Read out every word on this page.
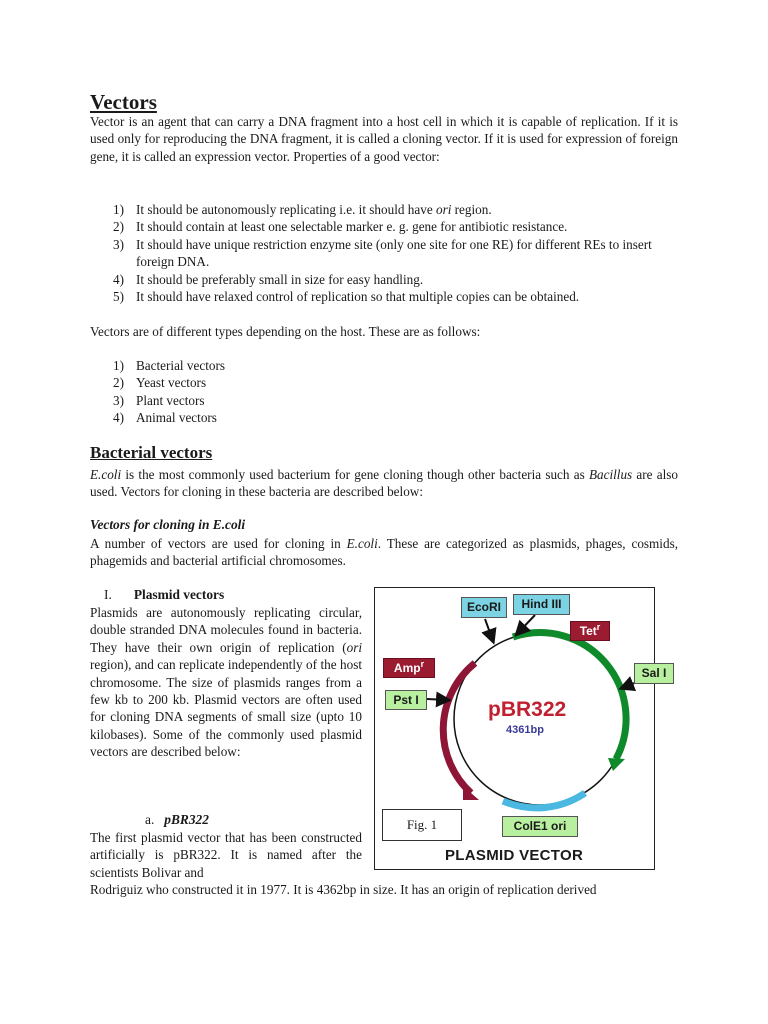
Vectors

Vector is an agent that can carry a DNA fragment into a host cell in which it is capable of replication. If it is used only for reproducing the DNA fragment, it is called a cloning vector. If it is used for expression of foreign gene, it is called an expression vector. Properties of a good vector:

1) It should be autonomously replicating i.e. it should have ori region.
2) It should contain at least one selectable marker e. g. gene for antibiotic resistance.
3) It should have unique restriction enzyme site (only one site for one RE) for different REs to insert foreign DNA.
4) It should be preferably small in size for easy handling.
5) It should have relaxed control of replication so that multiple copies can be obtained.

Vectors are of different types depending on the host. These are as follows:

1) Bacterial vectors
2) Yeast vectors
3) Plant vectors
4) Animal vectors
Bacterial vectors

E.coli is the most commonly used bacterium for gene cloning though other bacteria such as Bacillus are also used. Vectors for cloning in these bacteria are described below:

Vectors for cloning in E.coli

A number of vectors are used for cloning in E.coli. These are categorized as plasmids, phages, cosmids, phagemids and bacterial artificial chromosomes.

I. Plasmid vectors

Plasmids are autonomously replicating circular, double stranded DNA molecules found in bacteria. They have their own origin of replication (ori region), and can replicate independently of the host chromosome. The size of plasmids ranges from a few kb to 200 kb. Plasmid vectors are often used for cloning DNA segments of small size (upto 10 kilobases). Some of the commonly used plasmid vectors are described below:

a. pBR322

The first plasmid vector that has been constructed artificially is pBR322. It is named after the scientists Bolivar and

Rodriguiz who constructed it in 1977. It is 4362bp in size. It has an origin of replication derived

EcoRI	Hind III
Tet$^r$
Amp$^r$
Sal I
Pst I
ColE1 ori
pBR322
4361bp
Fig. 1
PLASMID VECTOR
